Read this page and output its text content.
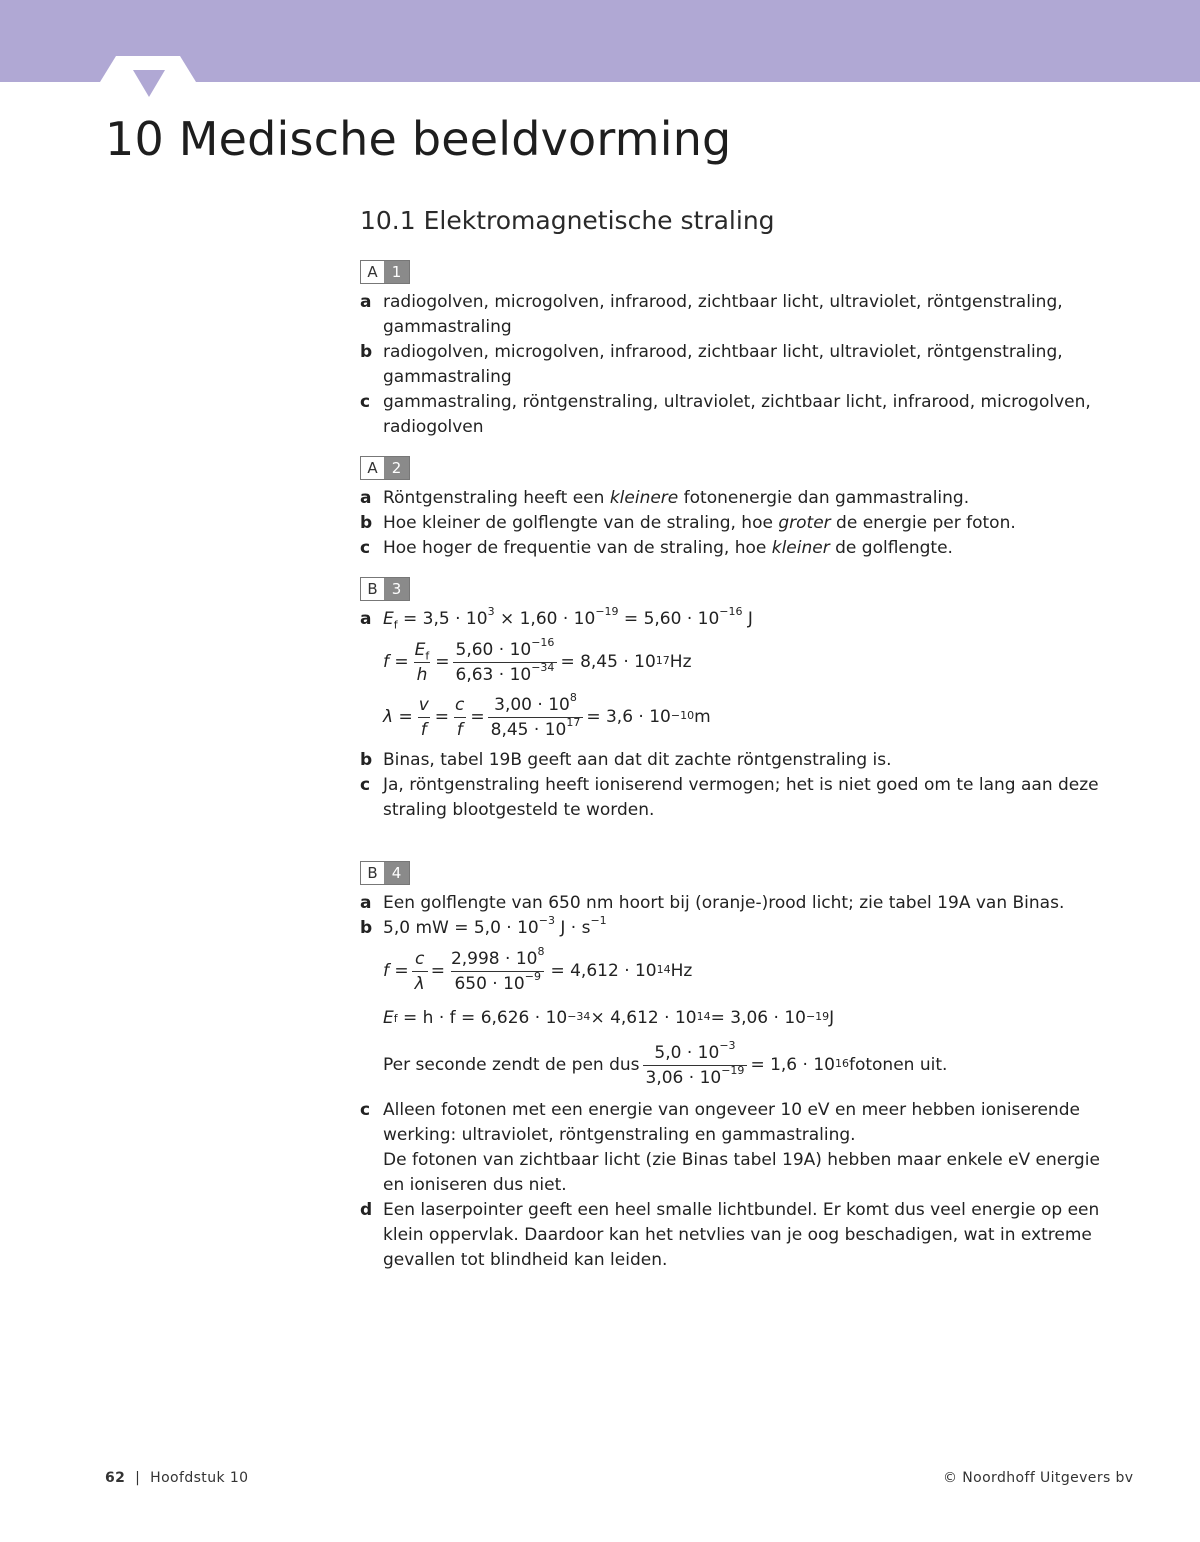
10 Medische beeldvorming
10.1 Elektromagnetische straling
A 1
a radiogolven, microgolven, infrarood, zichtbaar licht, ultraviolet, röntgenstraling, gammastraling
b radiogolven, microgolven, infrarood, zichtbaar licht, ultraviolet, röntgenstraling, gammastraling
c gammastraling, röntgenstraling, ultraviolet, zichtbaar licht, infrarood, microgolven, radiogolven
A 2
a Röntgenstraling heeft een kleinere fotonenergie dan gammastraling.
b Hoe kleiner de golflengte van de straling, hoe groter de energie per foton.
c Hoe hoger de frequentie van de straling, hoe kleiner de golflengte.
B 3
a $E_f = 3,5 \cdot 10^3 \times 1,60 \cdot 10^{-19} = 5,60 \cdot 10^{-16}$ J
$f = \frac{E_f}{h} = \frac{5,60 \cdot 10^{-16}}{6,63 \cdot 10^{-34}} = 8,45 \cdot 10^{17}$ Hz
$\lambda = \frac{v}{f} = \frac{c}{f} = \frac{3,00 \cdot 10^8}{8,45 \cdot 10^{17}} = 3,6 \cdot 10^{-10}$ m
b Binas, tabel 19B geeft aan dat dit zachte röntgenstraling is.
c Ja, röntgenstraling heeft ioniserend vermogen; het is niet goed om te lang aan deze straling blootgesteld te worden.
B 4
a Een golflengte van 650 nm hoort bij (oranje-)rood licht; zie tabel 19A van Binas.
b 5,0 mW = $5,0 \cdot 10^{-3}$ $J \cdot s^{-1}$
$f = \frac{c}{\lambda} = \frac{2,998 \cdot 10^8}{650 \cdot 10^{-9}} = 4,612 \cdot 10^{14}$ Hz
E f
= $h \cdot f = 6,626 \cdot 10^{-34} \times 4,612 \cdot 10^{14} = 3,06 \cdot 10^{-19}$ J
Per seconde zendt de pen dus $\frac{5,0 \cdot 10^{-3}}{3,06 \cdot 10^{-19}} = 1,6 \cdot 10^{16}$ fotonen uit.
c Alleen fotonen met een energie van ongeveer 10 eV en meer hebben ioniserende werking: ultraviolet, röntgenstraling en gammastraling.
De fotonen van zichtbaar licht (zie Binas tabel 19A) hebben maar enkele eV energie en ioniseren dus niet.
d Een laserpointer geeft een heel smalle lichtbundel. Er komt dus veel energie op een klein oppervlak. Daardoor kan het netvlies van je oog beschadigen, wat in extreme gevallen tot blindheid kan leiden.
62 | Hoofdstuk 10	© Noordhoff Uitgevers bv
